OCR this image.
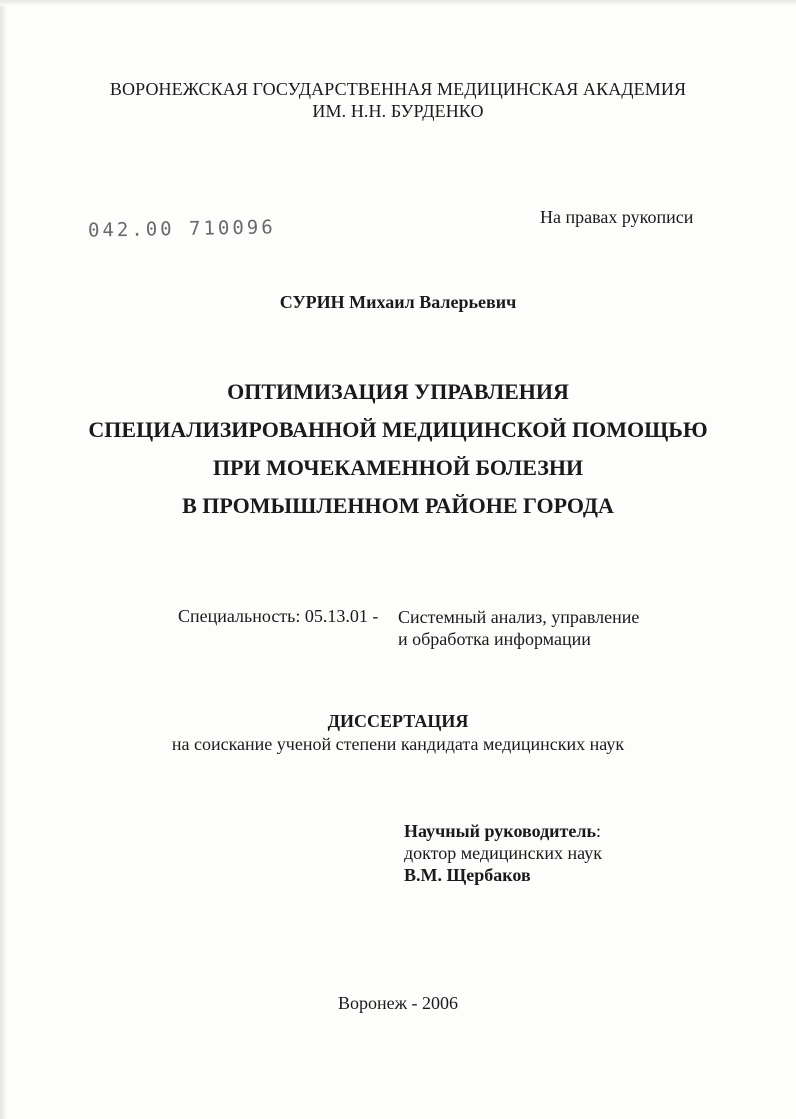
ВОРОНЕЖСКАЯ ГОСУДАРСТВЕННАЯ МЕДИЦИНСКАЯ АКАДЕМИЯ
ИМ. Н.Н. БУРДЕНКО
042.00 710096	На правах рукописи
СУРИН Михаил Валерьевич
ОПТИМИЗАЦИЯ УПРАВЛЕНИЯ
СПЕЦИАЛИЗИРОВАННОЙ МЕДИЦИНСКОЙ ПОМОЩЬЮ
ПРИ МОЧЕКАМЕННОЙ БОЛЕЗНИ
В ПРОМЫШЛЕННОМ РАЙОНЕ ГОРОДА
Специальность: 05.13.01 - Системный анализ, управление
и обработка информации
ДИССЕРТАЦИЯ
на соискание ученой степени кандидата медицинских наук
Научный руководитель:
доктор медицинских наук
В.М. Щербаков
Воронеж - 2006
